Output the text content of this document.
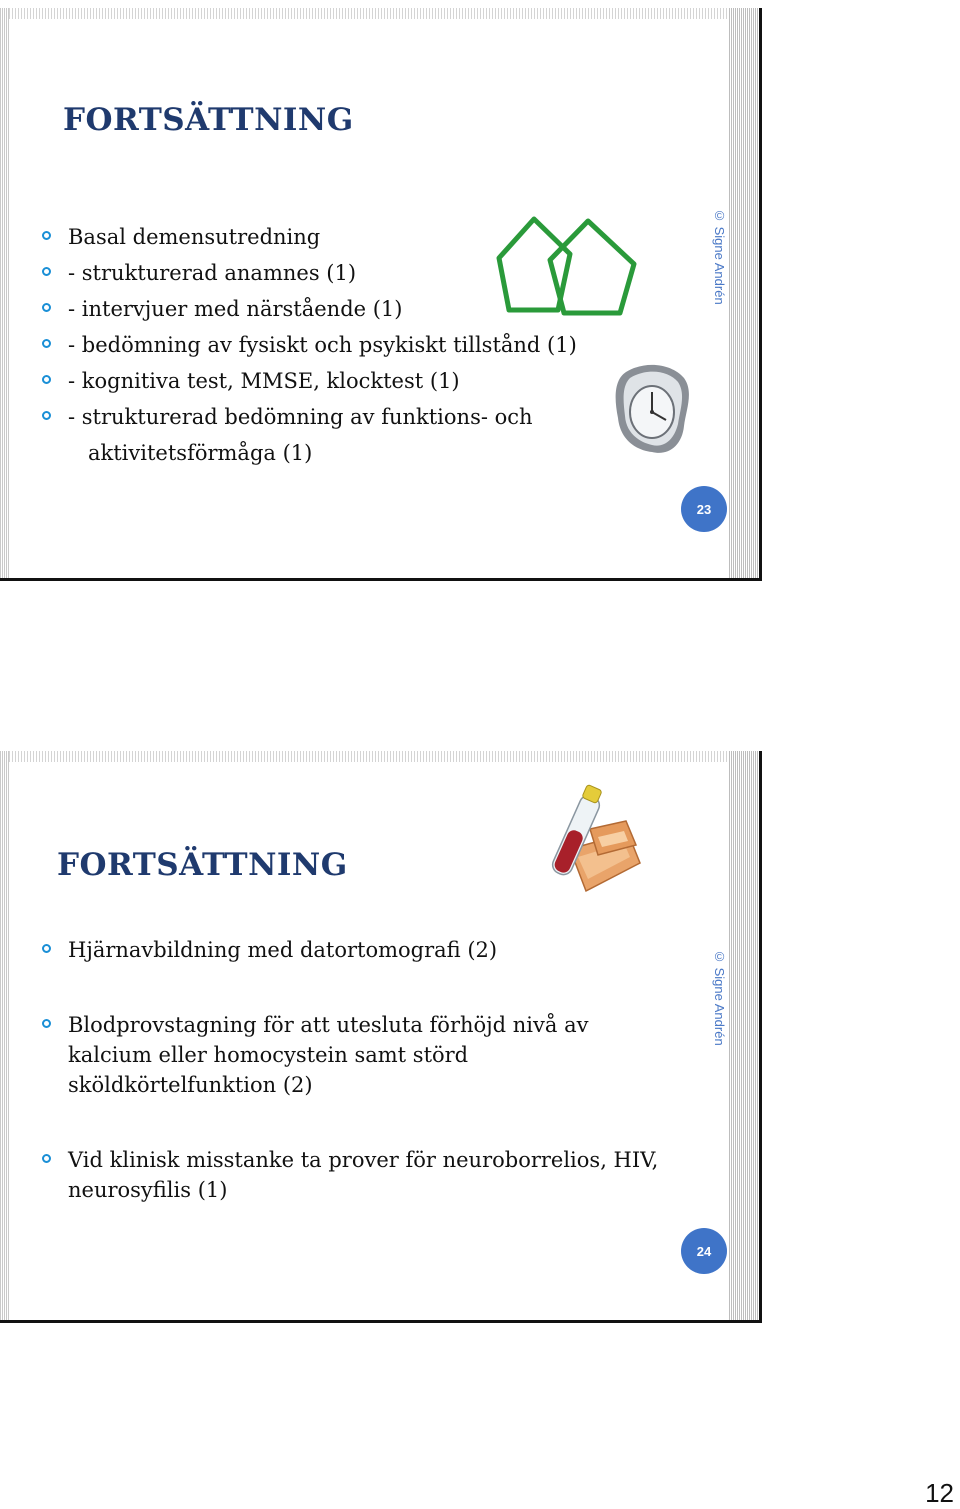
FORTSÄTTNING
Basal demensutredning
- strukturerad anamnes (1)
- intervjuer med närstående (1)
- bedömning av fysiskt och psykiskt tillstånd (1)
- kognitiva test, MMSE, klocktest (1)
- strukturerad bedömning av funktions- och
aktivitetsförmåga (1)
© Signe Andrén
23
FORTSÄTTNING
Hjärnavbildning med datortomografi (2)
Blodprovstagning för att utesluta förhöjd nivå av kalcium eller homocystein samt störd sköldkörtelfunktion (2)
Vid klinisk misstanke ta prover för neuroborrelios, HIV, neurosyfilis (1)
© Signe Andrén
24
12
